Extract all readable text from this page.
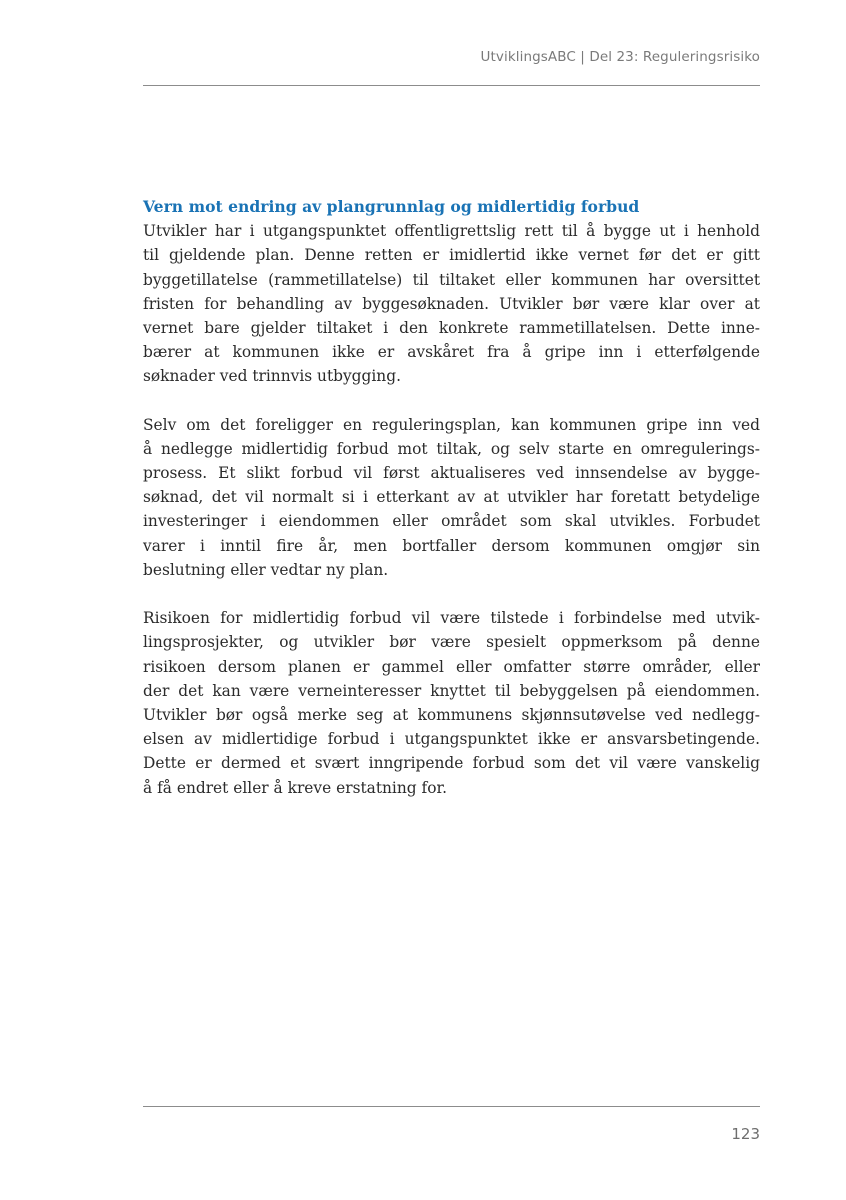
UtviklingsABC | Del 23: Reguleringsrisiko
Vern mot endring av plangrunnlag og midlertidig forbud
Utvikler har i utgangspunktet offentligrettslig rett til å bygge ut i henhold
til gjeldende plan. Denne retten er imidlertid ikke vernet før det er gitt
byggetillatelse (rammetillatelse) til tiltaket eller kommunen har oversittet
fristen for behandling av byggesøknaden. Utvikler bør være klar over at
vernet bare gjelder tiltaket i den konkrete rammetillatelsen. Dette inne-
bærer at kommunen ikke er avskåret fra å gripe inn i etterfølgende
søknader ved trinnvis utbygging.
Selv om det foreligger en reguleringsplan, kan kommunen gripe inn ved
å nedlegge midlertidig forbud mot tiltak, og selv starte en omregulerings-
prosess. Et slikt forbud vil først aktualiseres ved innsendelse av bygge-
søknad, det vil normalt si i etterkant av at utvikler har foretatt betydelige
investeringer i eiendommen eller området som skal utvikles. Forbudet
varer i inntil fire år, men bortfaller dersom kommunen omgjør sin
beslutning eller vedtar ny plan.
Risikoen for midlertidig forbud vil være tilstede i forbindelse med utvik-
lingsprosjekter, og utvikler bør være spesielt oppmerksom på denne
risikoen dersom planen er gammel eller omfatter større områder, eller
der det kan være verneinteresser knyttet til bebyggelsen på eiendommen.
Utvikler bør også merke seg at kommunens skjønnsutøvelse ved nedlegg-
elsen av midlertidige forbud i utgangspunktet ikke er ansvarsbetingende.
Dette er dermed et svært inngripende forbud som det vil være vanskelig
å få endret eller å kreve erstatning for.
123
